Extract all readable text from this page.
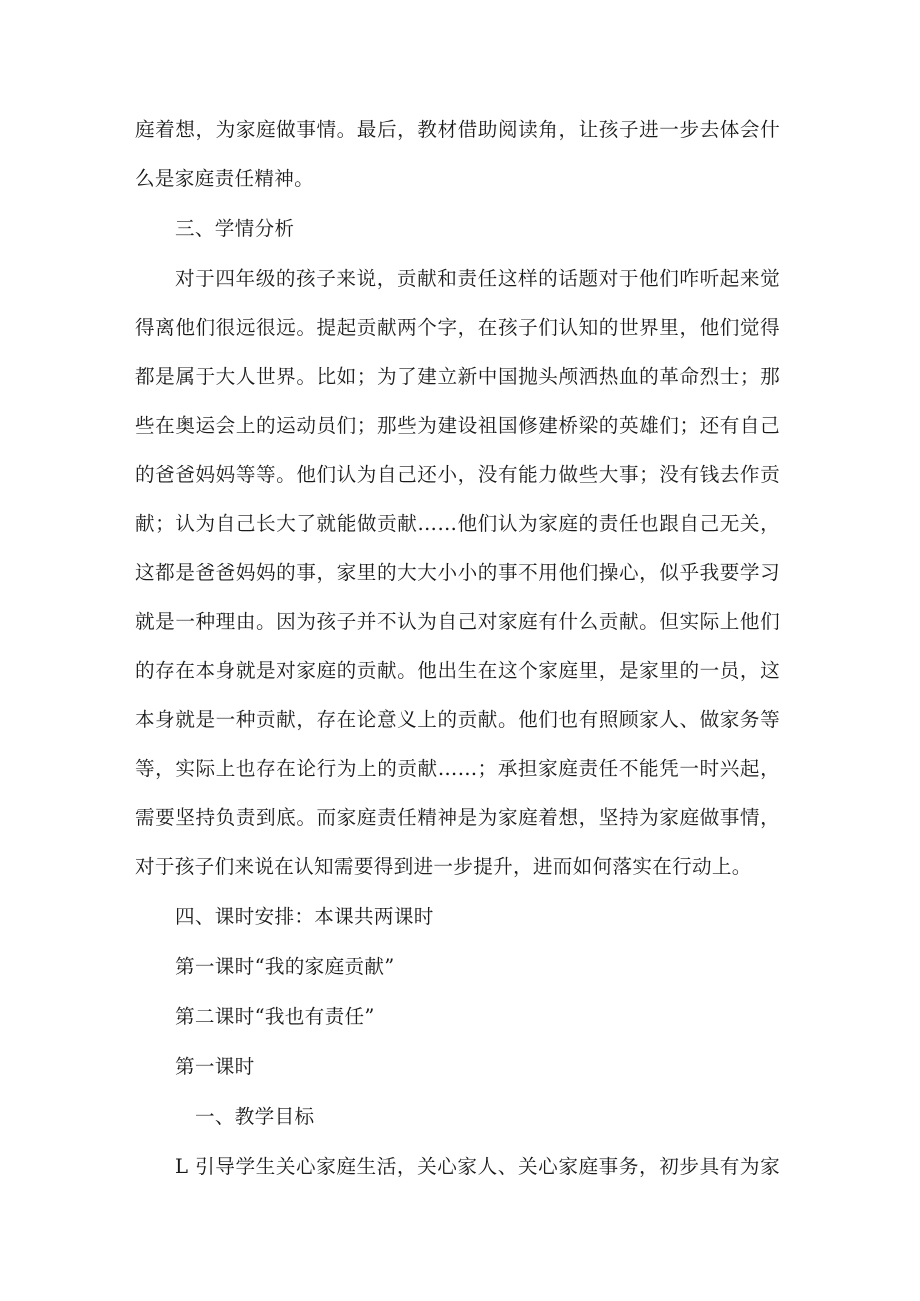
庭着想，为家庭做事情。最后，教材借助阅读角，让孩子进一步去体会什
么是家庭责任精神。
三、学情分析
对于四年级的孩子来说，贡献和责任这样的话题对于他们咋听起来觉
得离他们很远很远。提起贡献两个字，在孩子们认知的世界里，他们觉得
都是属于大人世界。比如；为了建立新中国抛头颅洒热血的革命烈士；那
些在奥运会上的运动员们；那些为建设祖国修建桥梁的英雄们；还有自己
的爸爸妈妈等等。他们认为自己还小，没有能力做些大事；没有钱去作贡
献；认为自己长大了就能做贡献……他们认为家庭的责任也跟自己无关，
这都是爸爸妈妈的事，家里的大大小小的事不用他们操心，似乎我要学习
就是一种理由。因为孩子并不认为自己对家庭有什么贡献。但实际上他们
的存在本身就是对家庭的贡献。他出生在这个家庭里，是家里的一员，这
本身就是一种贡献，存在论意义上的贡献。他们也有照顾家人、做家务等
等，实际上也存在论行为上的贡献……；承担家庭责任不能凭一时兴起，
需要坚持负责到底。而家庭责任精神是为家庭着想，坚持为家庭做事情，
对于孩子们来说在认知需要得到进一步提升，进而如何落实在行动上。
四、课时安排：本课共两课时
第一课时“我的家庭贡献”
第二课时“我也有责任”
第一课时
一、教学目标
L 引导学生关心家庭生活，关心家人、关心家庭事务，初步具有为家
